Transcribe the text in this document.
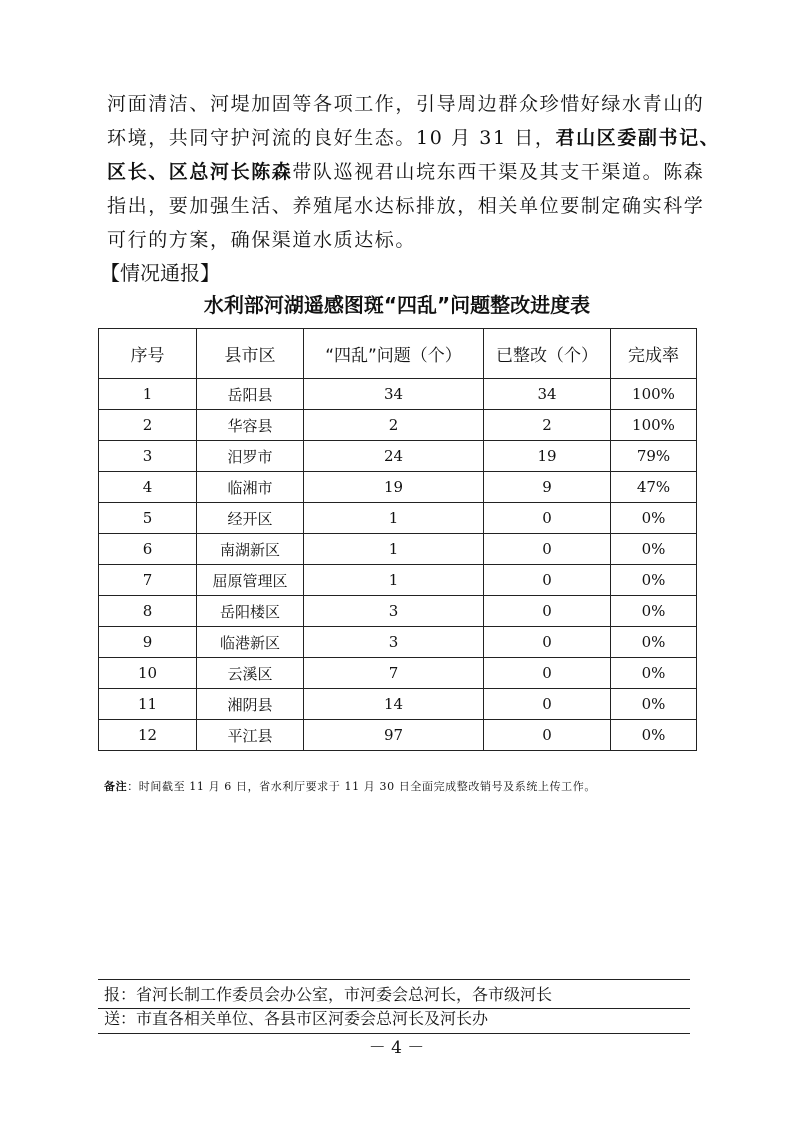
河面清洁、河堤加固等各项工作，引导周边群众珍惜好绿水青山的
环境，共同守护河流的良好生态。10 月 31 日，君山区委副书记、
区长、区总河长陈森带队巡视君山垸东西干渠及其支干渠道。陈森
指出，要加强生活、养殖尾水达标排放，相关单位要制定确实科学
可行的方案，确保渠道水质达标。
【情况通报】
水利部河湖遥感图斑“四乱”问题整改进度表
序号	县市区	“四乱”问题（个）	已整改（个）	完成率
1	岳阳县	34	34	100%
2	华容县	2	2	100%
3	汨罗市	24	19	79%
4	临湘市	19	9	47%
5	经开区	1	0	0%
6	南湖新区	1	0	0%
7	屈原管理区	1	0	0%
8	岳阳楼区	3	0	0%
9	临港新区	3	0	0%
10	云溪区	7	0	0%
11	湘阴县	14	0	0%
12	平江县	97	0	0%
备注：时间截至 11 月 6 日，省水利厅要求于 11 月 30 日全面完成整改销号及系统上传工作。
报：省河长制工作委员会办公室，市河委会总河长，各市级河长
送：市直各相关单位、各县市区河委会总河长及河长办
－ 4 －
